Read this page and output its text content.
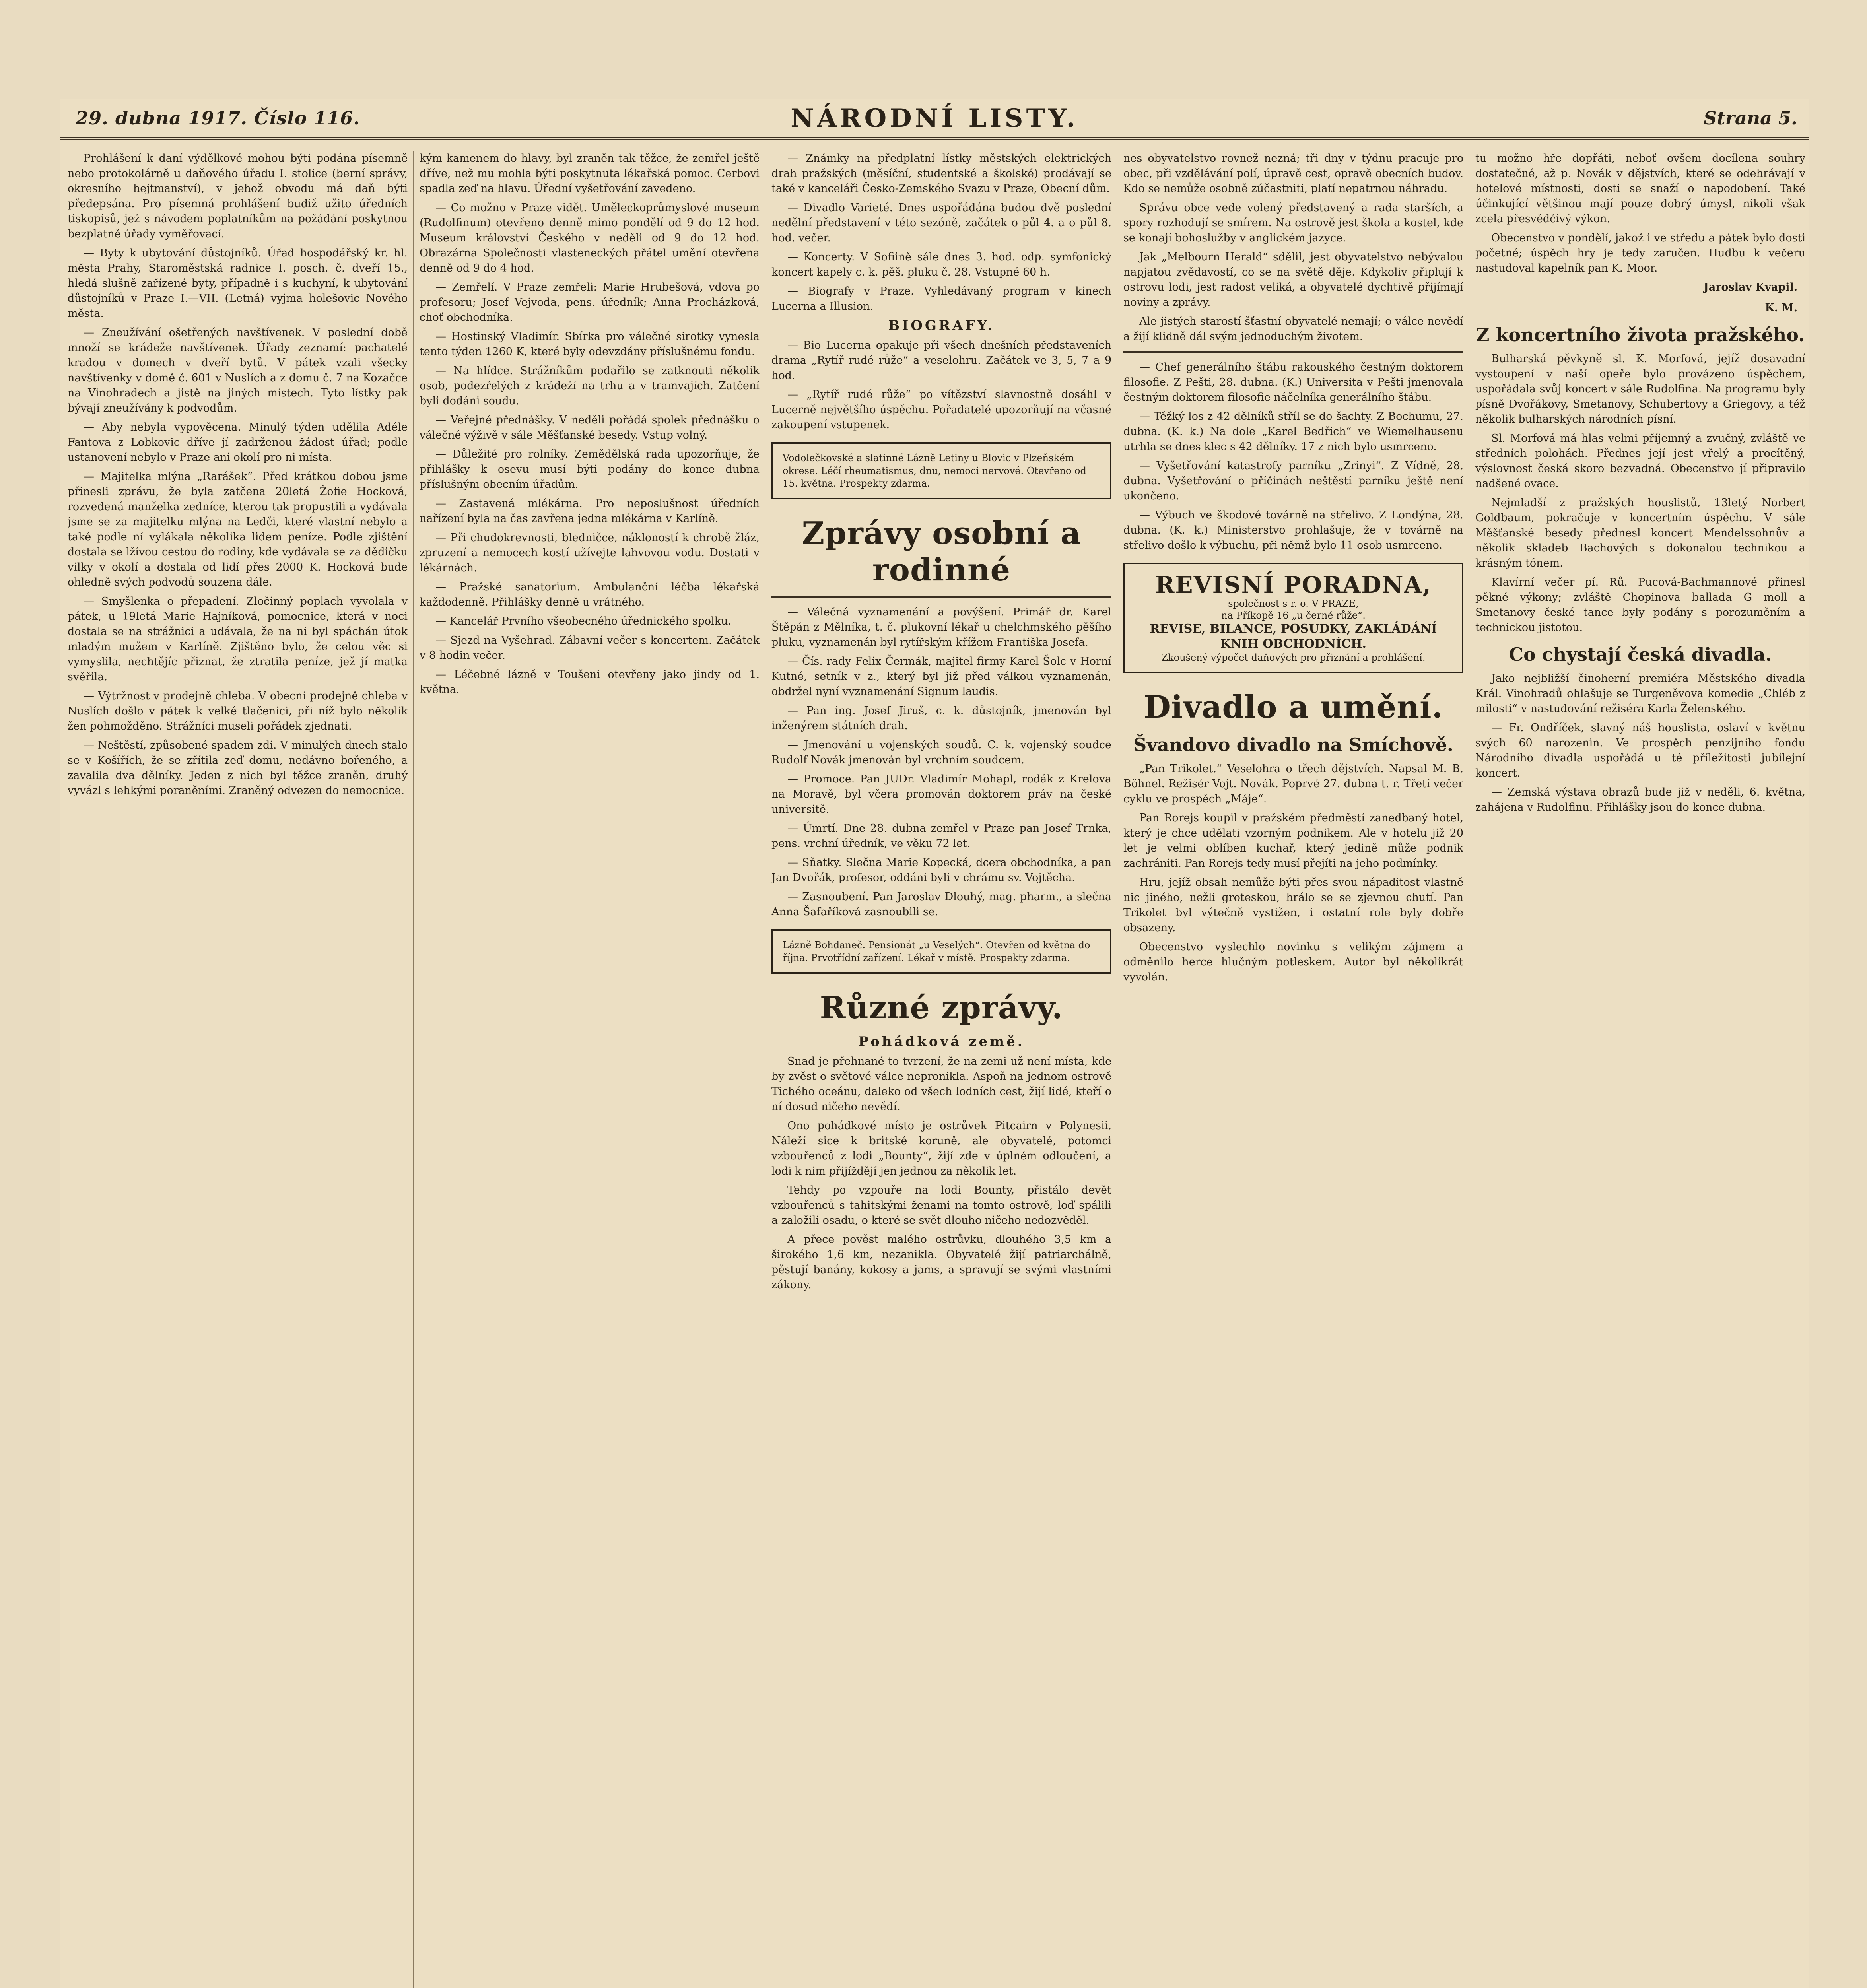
29. dubna 1917. Číslo 116.	NÁRODNÍ LISTY.	Strana 5.

Prohlášení k daní výdělkové mohou býti podána písemně nebo protokolárně u daňového úřadu I. stolice (berní správy, okresního hejtmanství), v jehož obvodu má daň býti předepsána. Pro písemná prohlášení budiž užito úředních tiskopisů, jež s návodem poplatníkům na požádání poskytnou bezplatně úřady vyměřovací.

— Byty k ubytování důstojníků. Úřad hospodářský kr. hl. města Prahy, Staroměstská radnice I. posch. č. dveří 15., hledá slušně zařízené byty, případně i s kuchyní, k ubytování důstojníků v Praze I.—VII. (Letná) vyjma holešovic Nového města.

— Zneužívání ošetřených navštívenek. V poslední době množí se krádeže navštívenek. Úřady zeznamí: pachatelé kradou v domech v dveří bytů. V pátek vzali všecky navštívenky v domě č. 601 v Nuslích a z domu č. 7 na Kozačce na Vinohradech a jistě na jiných místech. Tyto lístky pak bývají zneužívány k podvodům.

— Aby nebyla vypověcena. Minulý týden udělila Adéle Fantova z Lobkovic dříve jí zadrženou žádost úřad; podle ustanovení nebylo v Praze ani okolí pro ni místa.

— Majitelka mlýna „Rarášek“. Před krátkou dobou jsme přinesli zprávu, že byla zatčena 20letá Žofie Hocková, rozvedená manželka zedníce, kterou tak propustili a vydávala jsme se za majitelku mlýna na Ledči, které vlastní nebylo a také podle ní vylákala několika lidem peníze. Podle zjištění dostala se lžívou cestou do rodiny, kde vydávala se za dědičku vilky v okolí a dostala od lidí přes 2000 K. Hocková bude ohledně svých podvodů souzena dále.

— Smyšlenka o přepadení. Zločinný poplach vyvolala v pátek, u 19letá Marie Hajníková, pomocnice, která v noci dostala se na strážnici a udávala, že na ni byl spáchán útok mladým mužem v Karlíně. Zjištěno bylo, že celou věc si vymyslila, nechtějíc přiznat, že ztratila peníze, jež jí matka svěřila.

— Výtržnost v prodejně chleba. V obecní prodejně chleba v Nuslích došlo v pátek k velké tlačenici, při níž bylo několik žen pohmožděno. Strážníci museli pořádek zjednati.

— Neštěstí, způsobené spadem zdi. V minulých dnech stalo se v Košířích, že se zřítila zeď domu, nedávno bořeného, a zavalila dva dělníky. Jeden z nich byl těžce zraněn, druhý vyvázl s lehkými poraněními. Zraněný odvezen do nemocnice.

kým kamenem do hlavy, byl zraněn tak těžce, že zemřel ještě dříve, než mu mohla býti poskytnuta lékařská pomoc. Cerbovi spadla zeď na hlavu. Úřední vyšetřování zavedeno.

— Co možno v Praze vidět. Uměleckoprůmyslové museum (Rudolfinum) otevřeno denně mimo pondělí od 9 do 12 hod. Museum království Českého v neděli od 9 do 12 hod. Obrazárna Společnosti vlasteneckých přátel umění otevřena denně od 9 do 4 hod.

— Zemřelí. V Praze zemřeli: Marie Hrubešová, vdova po profesoru; Josef Vejvoda, pens. úředník; Anna Procházková, choť obchodníka.

— Hostinský Vladimír. Sbírka pro válečné sirotky vynesla tento týden 1260 K, které byly odevzdány příslušnému fondu.

— Na hlídce. Strážníkům podařilo se zatknouti několik osob, podezřelých z krádeží na trhu a v tramvajích. Zatčení byli dodáni soudu.

— Veřejné přednášky. V neděli pořádá spolek přednášku o válečné výživě v sále Měšťanské besedy. Vstup volný.

— Důležité pro rolníky. Zemědělská rada upozorňuje, že přihlášky k osevu musí býti podány do konce dubna příslušným obecním úřadům.

— Zastavená mlékárna. Pro neposlušnost úředních nařízení byla na čas zavřena jedna mlékárna v Karlíně.

— Při chudokrevnosti, bledničce, nákloností k chrobě žláz, zpruzení a nemocech kostí užívejte lahvovou vodu. Dostati v lékárnách.

— Pražské sanatorium. Ambulanční léčba lékařská každodenně. Přihlášky denně u vrátného.

— Kancelář Prvního všeobecného úřednického spolku.

— Sjezd na Vyšehrad. Zábavní večer s koncertem. Začátek v 8 hodin večer.

— Léčebné lázně v Toušeni otevřeny jako jindy od 1. května.

— Známky na předplatní lístky městských elektrických drah pražských (měsíční, studentské a školské) prodávají se také v kanceláři Česko-Zemského Svazu v Praze, Obecní dům.

— Divadlo Varieté. Dnes uspořádána budou dvě poslední nedělní představení v této sezóně, začátek o půl 4. a o půl 8. hod. večer.

— Koncerty. V Sofiině sále dnes 3. hod. odp. symfonický koncert kapely c. k. pěš. pluku č. 28. Vstupné 60 h.

— Biografy v Praze. Vyhledávaný program v kinech Lucerna a Illusion.

BIOGRAFY.

— Bio Lucerna opakuje při všech dnešních představeních drama „Rytíř rudé růže“ a veselohru. Začátek ve 3, 5, 7 a 9 hod.

— „Rytíř rudé růže“ po vítězství slavnostně dosáhl v Lucerně největšího úspěchu. Pořadatelé upozorňují na včasné zakoupení vstupenek.

Vodolečkovské a slatinné Lázně Letiny u Blovic v Plzeňském okrese. Léčí rheumatismus, dnu, nemoci nervové. Otevřeno od 15. května. Prospekty zdarma.
Zprávy osobní a rodinné

— Válečná vyznamenání a povýšení. Primář dr. Karel Štěpán z Mělníka, t. č. plukovní lékař u chelchmského pěšího pluku, vyznamenán byl rytířským křížem Františka Josefa.

— Čís. rady Felix Čermák, majitel firmy Karel Šolc v Horní Kutné, setník v z., který byl již před válkou vyznamenán, obdržel nyní vyznamenání Signum laudis.

— Pan ing. Josef Jiruš, c. k. důstojník, jmenován byl inženýrem státních drah.

— Jmenování u vojenských soudů. C. k. vojenský soudce Rudolf Novák jmenován byl vrchním soudcem.

— Promoce. Pan JUDr. Vladimír Mohapl, rodák z Krelova na Moravě, byl včera promován doktorem práv na české universitě.

— Úmrtí. Dne 28. dubna zemřel v Praze pan Josef Trnka, pens. vrchní úředník, ve věku 72 let.

— Sňatky. Slečna Marie Kopecká, dcera obchodníka, a pan Jan Dvořák, profesor, oddáni byli v chrámu sv. Vojtěcha.

— Zasnoubení. Pan Jaroslav Dlouhý, mag. pharm., a slečna Anna Šafaříková zasnoubili se.

Lázně Bohdaneč. Pensionát „u Veselých“. Otevřen od května do října. Prvotřídní zařízení. Lékař v místě. Prospekty zdarma.
Různé zprávy.
Pohádková země.

Snad je přehnané to tvrzení, že na zemi už není místa, kde by zvěst o světové válce nepronikla. Aspoň na jednom ostrově Tichého oceánu, daleko od všech lodních cest, žijí lidé, kteří o ní dosud ničeho nevědí.

Ono pohádkové místo je ostrůvek Pitcairn v Polynesii. Náleží sice k britské koruně, ale obyvatelé, potomci vzbouřenců z lodi „Bounty“, žijí zde v úplném odloučení, a lodi k nim přijíždějí jen jednou za několik let.

Tehdy po vzpouře na lodi Bounty, přistálo devět vzbouřenců s tahitskými ženami na tomto ostrově, loď spálili a založili osadu, o které se svět dlouho ničeho nedozvěděl.

A přece pověst malého ostrůvku, dlouhého 3,5 km a širokého 1,6 km, nezanikla. Obyvatelé žijí patriarchálně, pěstují banány, kokosy a jams, a spravují se svými vlastními zákony.

nes obyvatelstvo rovnež nezná; tři dny v týdnu pracuje pro obec, při vzdělávání polí, úpravě cest, opravě obecních budov. Kdo se nemůže osobně zúčastniti, platí nepatrnou náhradu.

Správu obce vede volený představený a rada starších, a spory rozhodují se smírem. Na ostrově jest škola a kostel, kde se konají bohoslužby v anglickém jazyce.

Jak „Melbourn Herald“ sdělil, jest obyvatelstvo nebývalou napjatou zvědavostí, co se na světě děje. Kdykoliv připlují k ostrovu lodi, jest radost veliká, a obyvatelé dychtivě přijímají noviny a zprávy.

Ale jistých starostí šťastní obyvatelé nemají; o válce nevědí a žijí klidně dál svým jednoduchým životem.

— Chef generálního štábu rakouského čestným doktorem filosofie. Z Pešti, 28. dubna. (K.) Universita v Pešti jmenovala čestným doktorem filosofie náčelníka generálního štábu.

— Těžký los z 42 dělníků stříl se do šachty. Z Bochumu, 27. dubna. (K. k.) Na dole „Karel Bedřich“ ve Wiemelhausenu utrhla se dnes klec s 42 dělníky. 17 z nich bylo usmrceno.

— Vyšetřování katastrofy parníku „Zrinyi“. Z Vídně, 28. dubna. Vyšetřování o příčinách neštěstí parníku ještě není ukončeno.

— Výbuch ve škodové továrně na střelivo. Z Londýna, 28. dubna. (K. k.) Ministerstvo prohlašuje, že v továrně na střelivo došlo k výbuchu, při němž bylo 11 osob usmrceno.

REVISNÍ PORADNA,
společnost s r. o. V PRAZE,
na Příkopě 16 „u černé růže“.
REVISE, BILANCE, POSUDKY, ZAKLÁDÁNÍ KNIH OBCHODNÍCH.
Zkoušený výpočet daňových pro přiznání a prohlášení.
Divadlo a umění.
Švandovo divadlo na Smíchově.

„Pan Trikolet.“ Veselohra o třech dějstvích. Napsal M. B. Böhnel. Režisér Vojt. Novák. Poprvé 27. dubna t. r. Třetí večer cyklu ve prospěch „Máje“.

Pan Rorejs koupil v pražském předměstí zanedbaný hotel, který je chce udělati vzorným podnikem. Ale v hotelu již 20 let je velmi oblíben kuchař, který jedině může podnik zachrániti. Pan Rorejs tedy musí přejíti na jeho podmínky.

Hru, jejíž obsah nemůže býti přes svou nápaditost vlastně nic jiného, nežli groteskou, hrálo se se zjevnou chutí. Pan Trikolet byl výtečně vystižen, i ostatní role byly dobře obsazeny.

Obecenstvo vyslechlo novinku s velikým zájmem a odměnilo herce hlučným potleskem. Autor byl několikrát vyvolán.

tu možno hře dopřáti, neboť ovšem docílena souhry dostatečné, až p. Novák v dějstvích, které se odehrávají v hotelové místnosti, dosti se snaží o napodobení. Také účinkující většinou mají pouze dobrý úmysl, nikoli však zcela přesvědčivý výkon.

Obecenstvo v pondělí, jakož i ve středu a pátek bylo dosti početné; úspěch hry je tedy zaručen. Hudbu k večeru nastudoval kapelník pan K. Moor.

Jaroslav Kvapil.
K. M.
Z koncertního života pražského.

Bulharská pěvkyně sl. K. Morfová, jejíž dosavadní vystoupení v naší opeře bylo provázeno úspěchem, uspořádala svůj koncert v sále Rudolfina. Na programu byly písně Dvořákovy, Smetanovy, Schubertovy a Griegovy, a též několik bulharských národních písní.

Sl. Morfová má hlas velmi příjemný a zvučný, zvláště ve středních polohách. Přednes její jest vřelý a procítěný, výslovnost česká skoro bezvadná. Obecenstvo jí připravilo nadšené ovace.

Nejmladší z pražských houslistů, 13letý Norbert Goldbaum, pokračuje v koncertním úspěchu. V sále Měšťanské besedy přednesl koncert Mendelssohnův a několik skladeb Bachových s dokonalou technikou a krásným tónem.

Klavírní večer pí. Rů. Pucová-Bachmannové přinesl pěkné výkony; zvláště Chopinova ballada G moll a Smetanovy české tance byly podány s porozuměním a technickou jistotou.

Co chystají česká divadla.

Jako nejbližší činoherní premiéra Městského divadla Král. Vinohradů ohlašuje se Turgeněvova komedie „Chléb z milosti“ v nastudování režiséra Karla Želenského.

— Fr. Ondříček, slavný náš houslista, oslaví v květnu svých 60 narozenin. Ve prospěch penzijního fondu Národního divadla uspořádá u té příležitosti jubilejní koncert.

— Zemská výstava obrazů bude již v neděli, 6. května, zahájena v Rudolfinu. Přihlášky jsou do konce dubna.
